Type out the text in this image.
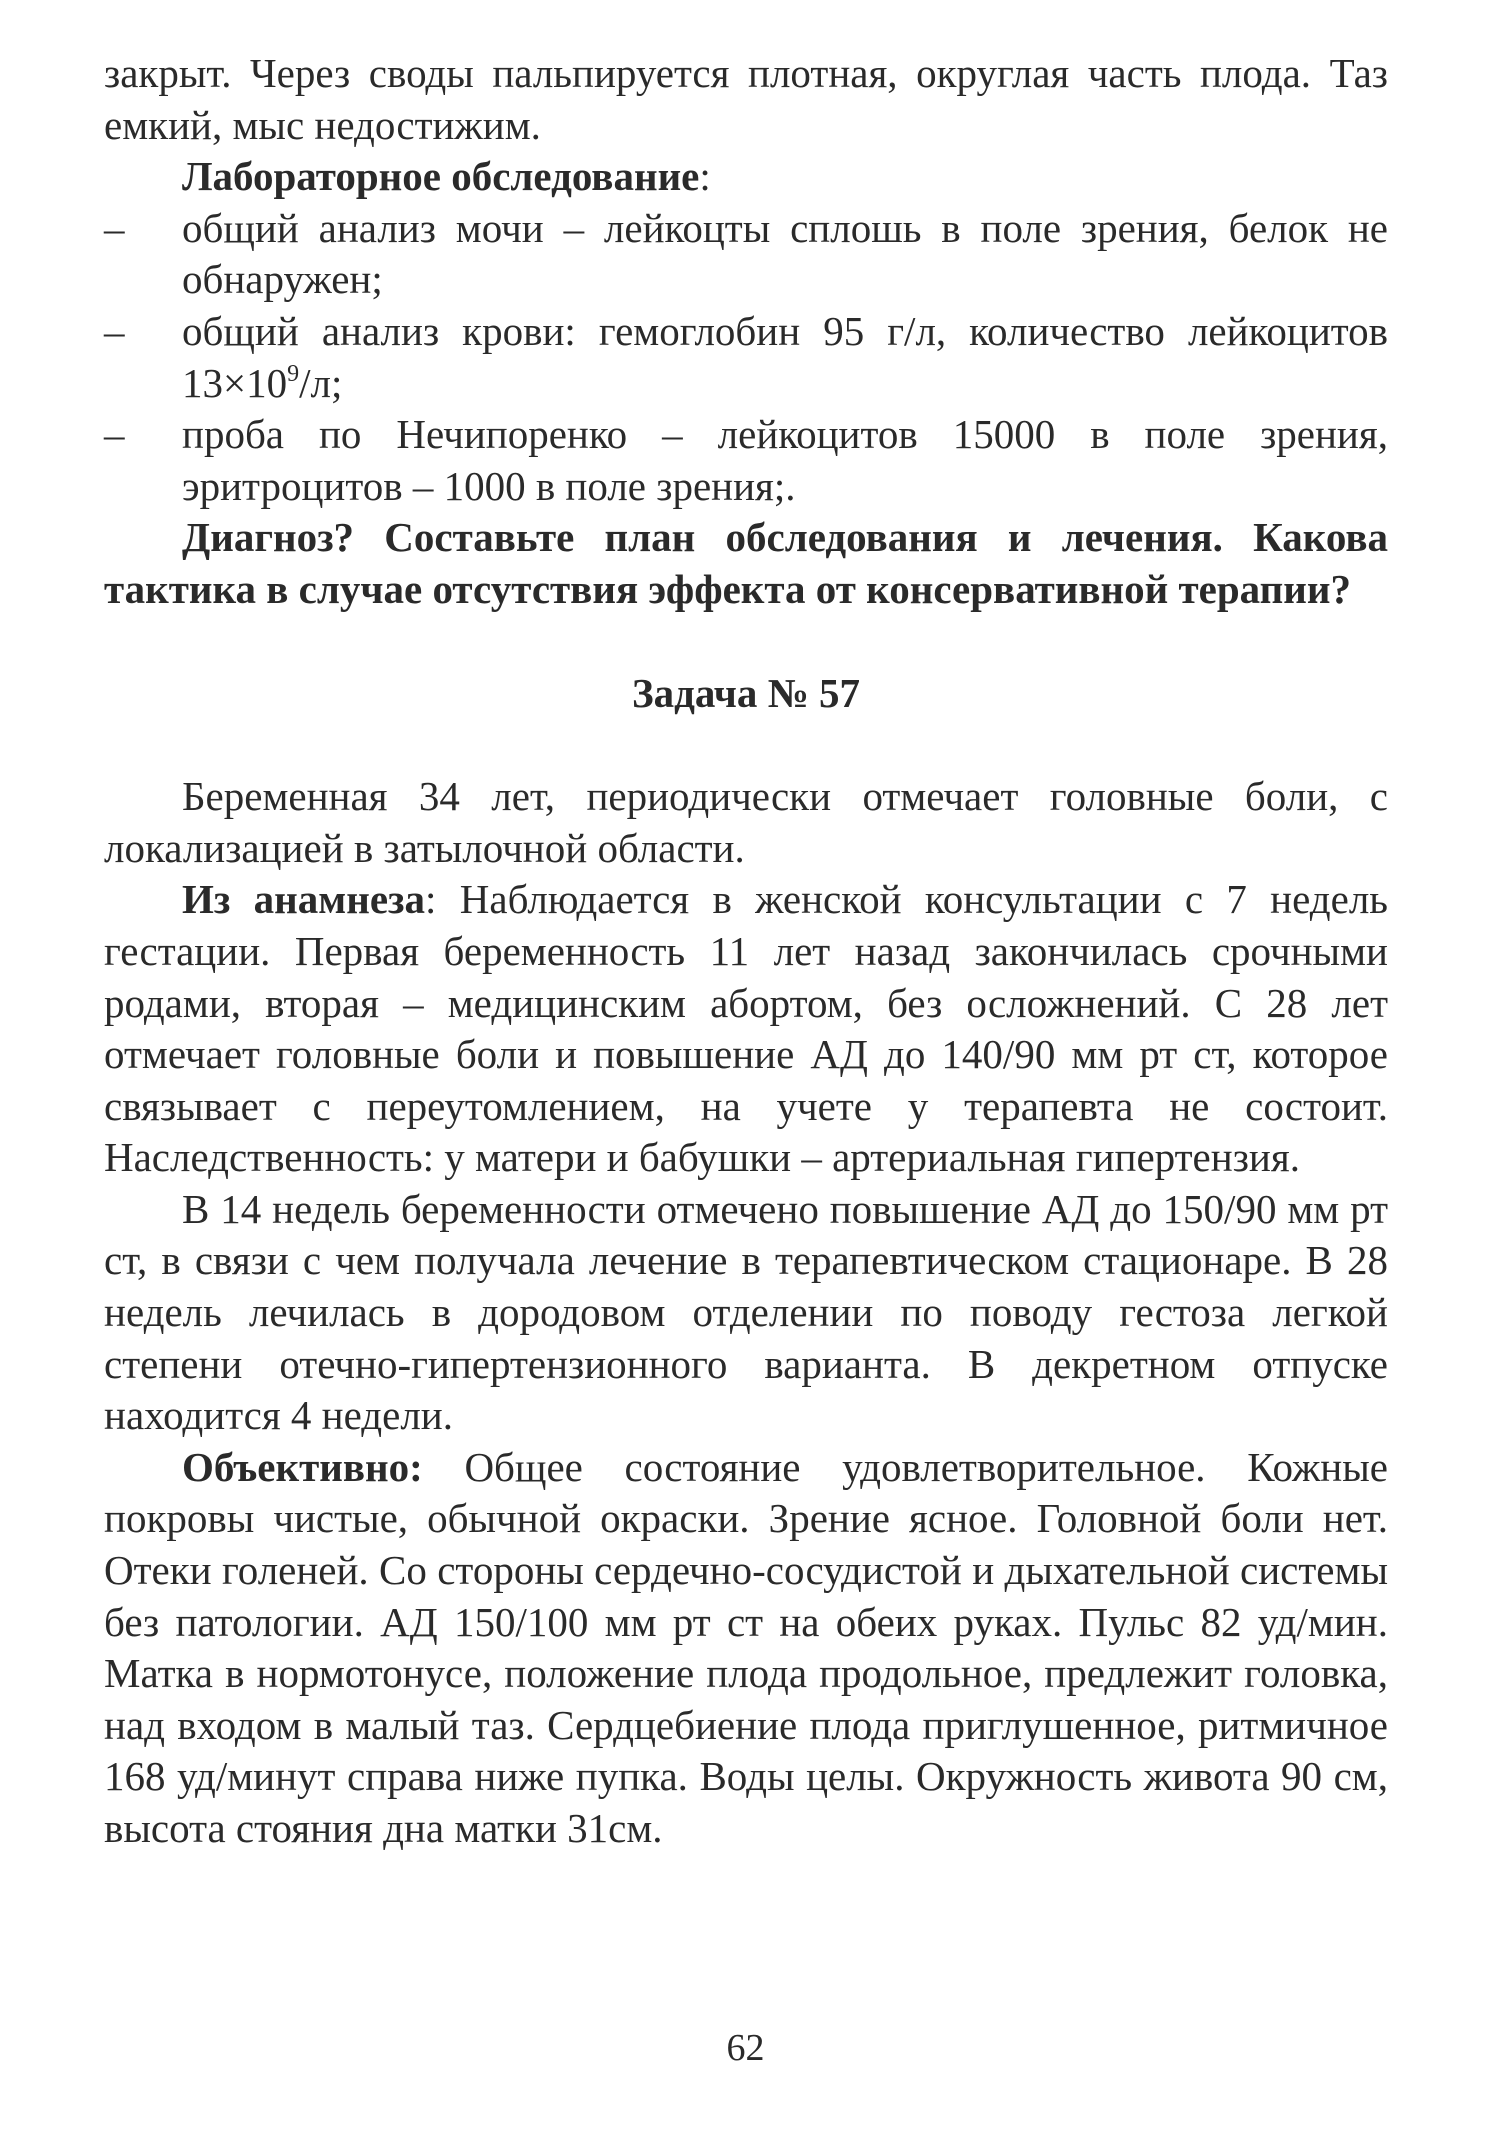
закрыт. Через своды пальпируется плотная, округлая часть плода. Таз емкий, мыс недостижим.

Лабораторное обследование:

– общий анализ мочи – лейкоцты сплошь в поле зрения, белок не обнаружен;

– общий анализ крови: гемоглобин 95 г/л, количество лейкоцитов $13\times 10^9/л$;

– проба по Нечипоренко – лейкоцитов 15000 в поле зрения, эритроцитов – 1000 в поле зрения;.

Диагноз? Составьте план обследования и лечения. Какова тактика в случае отсутствия эффекта от консервативной терапии?

Задача № 57

Беременная 34 лет, периодически отмечает головные боли, с локализацией в затылочной области.

Из анамнеза: Наблюдается в женской консультации с 7 недель гестации. Первая беременность 11 лет назад закончилась срочными родами, вторая – медицинским абортом, без осложнений. С 28 лет отмечает головные боли и повышение АД до 140/90 мм рт ст, которое связывает с переутомлением, на учете у терапевта не состоит. Наследственность: у матери и бабушки – артериальная гипертензия.

В 14 недель беременности отмечено повышение АД до 150/90 мм рт ст, в связи с чем получала лечение в терапевтическом стационаре. В 28 недель лечилась в дородовом отделении по поводу гестоза легкой степени отечно-гипертензионного варианта. В декретном отпуске находится 4 недели.

Объективно: Общее состояние удовлетворительное. Кожные покровы чистые, обычной окраски. Зрение ясное. Головной боли нет. Отеки голеней. Со стороны сердечно-сосудистой и дыхательной системы без патологии. АД 150/100 мм рт ст на обеих руках. Пульс 82 уд/мин. Матка в нормотонусе, положение плода продольное, предлежит головка, над входом в малый таз. Сердцебиение плода приглушенное, ритмичное 168 уд/минут справа ниже пупка. Воды целы. Окружность живота 90 см, высота стояния дна матки 31см.

62
